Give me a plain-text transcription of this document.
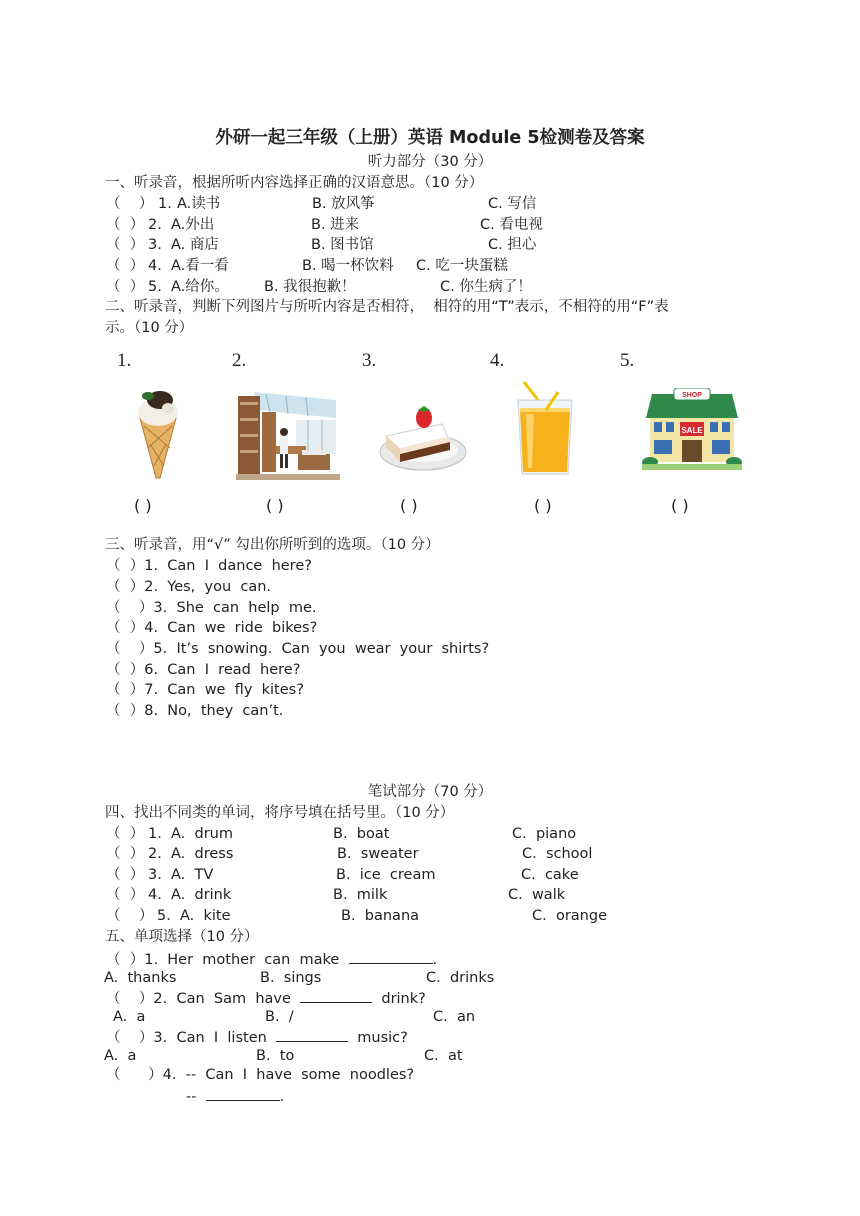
外研一起三年级（上册）英语 Module 5检测卷及答案
听力部分（30 分）
一、听录音，根据所听内容选择正确的汉语意思。（10 分）
（    ） 1. A.读书	B. 放风筝	C. 写信
（  ） 2. A.外出	B. 进来	C. 看电视
（  ） 3. A. 商店	B. 图书馆	C. 担心
（  ） 4. A.看一看	B. 喝一杯饮料 C. 吃一块蛋糕
（  ） 5. A.给你。 B. 我很抱歉！	C. 你生病了！
二、听录音，判断下列图片与所听内容是否相符，  相符的用“T”表示，不相符的用“F”表
示。（10 分）
1.	2.	3.	4.	5.
SHOP
SALE
( )	( )	( )	( )	( )
三、听录音，用“√” 勾出你所听到的选项。（10 分）
（  ）1.  Can  I  dance  here?
（  ）2.  Yes,  you  can.
（    ）3.  She  can  help  me.
（  ）4.  Can  we  ride  bikes?
（    ）5.  It’s  snowing.  Can  you  wear  your  shirts?
（  ）6.  Can  I  read  here?
（  ）7.  Can  we  fly  kites?
（  ）8.  No,  they  can’t.
笔试部分（70 分）
四、找出不同类的单词，将序号填在括号里。（10 分）
（  ） 1. A.  drum	B.  boat	C.  piano
（  ） 2. A.  dress	B.  sweater	C.  school
（  ） 3. A.  TV	B.  ice  cream	C.  cake
（  ） 4. A.  drink	B.  milk	C.  walk
（    ） 5. A.  kite	B.  banana	C.  orange
五、单项选择（10 分）
（  ）1.  Her  mother  can  make	.
A.  thanks	B.  sings	C.  drinks
（    ）2.  Can  Sam  have	drink?
A.  a	B.  /	C.  an
（    ）3.  Can  I  listen	music?
A.  a	B.  to	C.  at
（      ）4.  --  Can  I  have  some  noodles?
--	.
